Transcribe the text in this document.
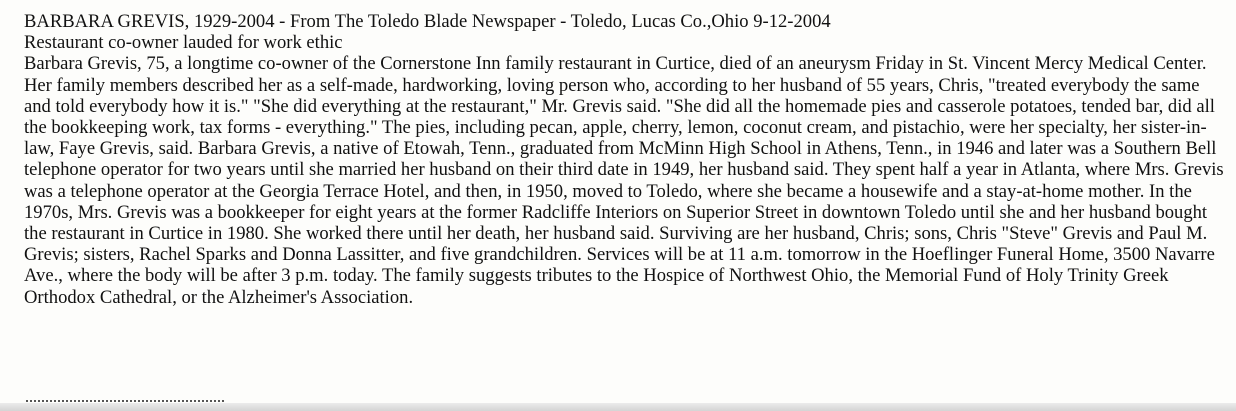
BARBARA GREVIS, 1929-2004 - From The Toledo Blade Newspaper - Toledo, Lucas Co.,Ohio 9-12-2004
Restaurant co-owner lauded for work ethic
Barbara Grevis, 75, a longtime co-owner of the Cornerstone Inn family restaurant in Curtice, died of an aneurysm Friday in St. Vincent Mercy Medical Center. Her family members described her as a self-made, hardworking, loving person who, according to her husband of 55 years, Chris, "treated everybody the same and told everybody how it is." "She did everything at the restaurant," Mr. Grevis said. "She did all the homemade pies and casserole potatoes, tended bar, did all the bookkeeping work, tax forms - everything." The pies, including pecan, apple, cherry, lemon, coconut cream, and pistachio, were her specialty, her sister-in-law, Faye Grevis, said. Barbara Grevis, a native of Etowah, Tenn., graduated from McMinn High School in Athens, Tenn., in 1946 and later was a Southern Bell telephone operator for two years until she married her husband on their third date in 1949, her husband said. They spent half a year in Atlanta, where Mrs. Grevis was a telephone operator at the Georgia Terrace Hotel, and then, in 1950, moved to Toledo, where she became a housewife and a stay-at-home mother. In the 1970s, Mrs. Grevis was a bookkeeper for eight years at the former Radcliffe Interiors on Superior Street in downtown Toledo until she and her husband bought the restaurant in Curtice in 1980. She worked there until her death, her husband said. Surviving are her husband, Chris; sons, Chris "Steve" Grevis and Paul M. Grevis; sisters, Rachel Sparks and Donna Lassitter, and five grandchildren. Services will be at 11 a.m. tomorrow in the Hoeflinger Funeral Home, 3500 Navarre Ave., where the body will be after 3 p.m. today. The family suggests tributes to the Hospice of Northwest Ohio, the Memorial Fund of Holy Trinity Greek Orthodox Cathedral, or the Alzheimer's Association.
